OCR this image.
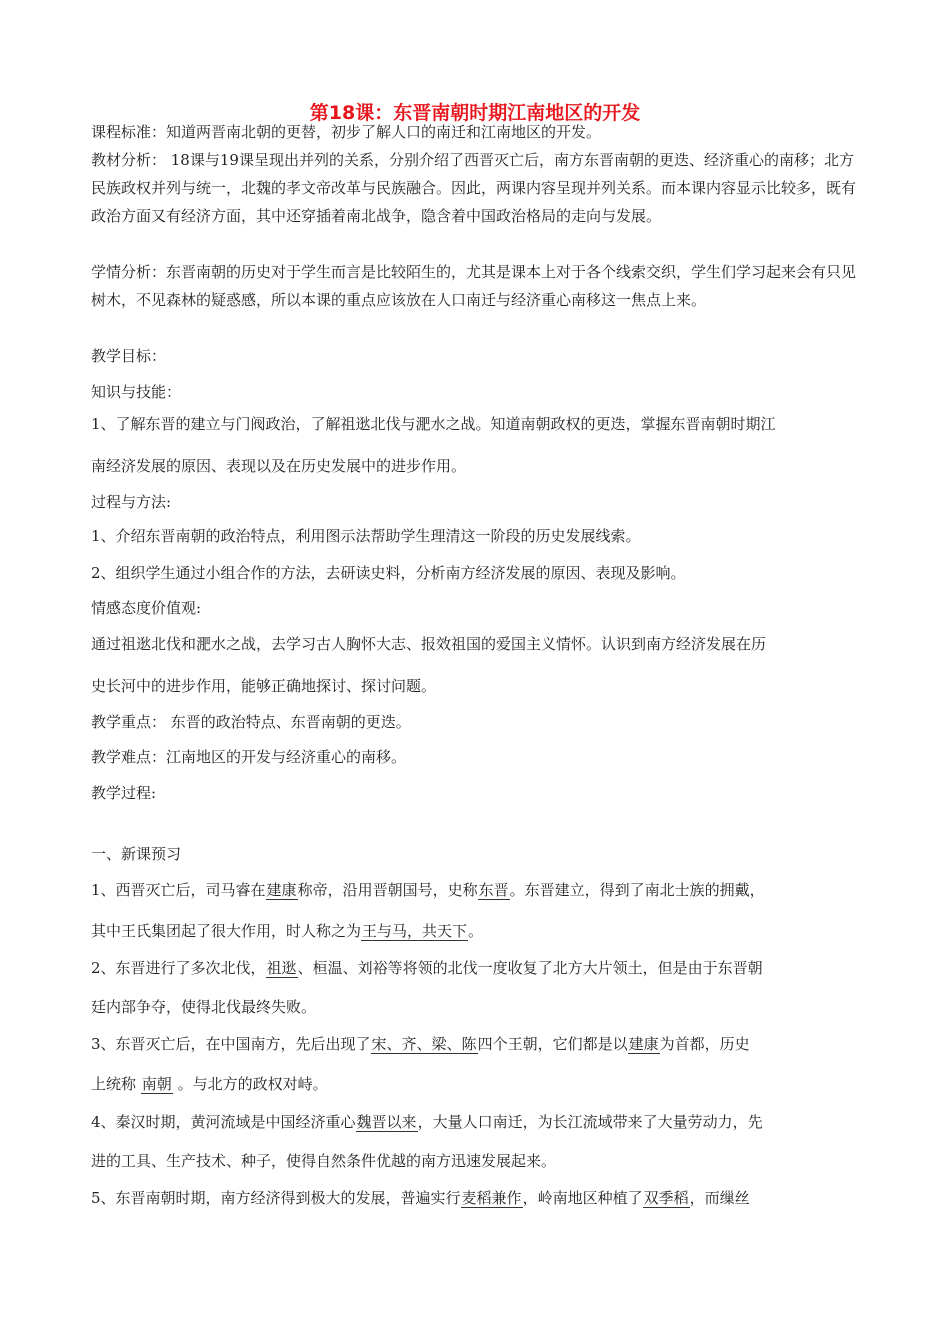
第18课：东晋南朝时期江南地区的开发

课程标准：知道两晋南北朝的更替，初步了解人口的南迁和江南地区的开发。

教材分析： 18课与19课呈现出并列的关系，分别介绍了西晋灭亡后，南方东晋南朝的更迭、经济重心的南移；北方民族政权并列与统一，北魏的孝文帝改革与民族融合。因此，两课内容呈现并列关系。而本课内容显示比较多，既有政治方面又有经济方面，其中还穿插着南北战争，隐含着中国政治格局的走向与发展。

学情分析：东晋南朝的历史对于学生而言是比较陌生的，尤其是课本上对于各个线索交织，学生们学习起来会有只见树木，不见森林的疑惑感，所以本课的重点应该放在人口南迁与经济重心南移这一焦点上来。

教学目标：

知识与技能：

1、了解东晋的建立与门阀政治，了解祖逖北伐与淝水之战。知道南朝政权的更迭，掌握东晋南朝时期江

南经济发展的原因、表现以及在历史发展中的进步作用。

过程与方法:

1、介绍东晋南朝的政治特点，利用图示法帮助学生理清这一阶段的历史发展线索。

2、组织学生通过小组合作的方法，去研读史料，分析南方经济发展的原因、表现及影响。

情感态度价值观:

通过祖逖北伐和淝水之战，去学习古人胸怀大志、报效祖国的爱国主义情怀。认识到南方经济发展在历

史长河中的进步作用，能够正确地探讨、探讨问题。

教学重点： 东晋的政治特点、东晋南朝的更迭。

教学难点：江南地区的开发与经济重心的南移。

教学过程:

一、新课预习

1、西晋灭亡后，司马睿在建康称帝，沿用晋朝国号，史称东晋。东晋建立，得到了南北士族的拥戴，

其中王氏集团起了很大作用，时人称之为王与马，共天下。

2、东晋进行了多次北伐，祖逖、桓温、刘裕等将领的北伐一度收复了北方大片领土，但是由于东晋朝

廷内部争夺，使得北伐最终失败。

3、东晋灭亡后，在中国南方，先后出现了宋、齐、梁、陈四个王朝，它们都是以建康为首都，历史

上统称 南朝 。与北方的政权对峙。

4、秦汉时期，黄河流域是中国经济重心魏晋以来，大量人口南迁，为长江流域带来了大量劳动力，先

进的工具、生产技术、种子，使得自然条件优越的南方迅速发展起来。

5、东晋南朝时期，南方经济得到极大的发展，普遍实行麦稻兼作，岭南地区种植了双季稻，而缫丝
